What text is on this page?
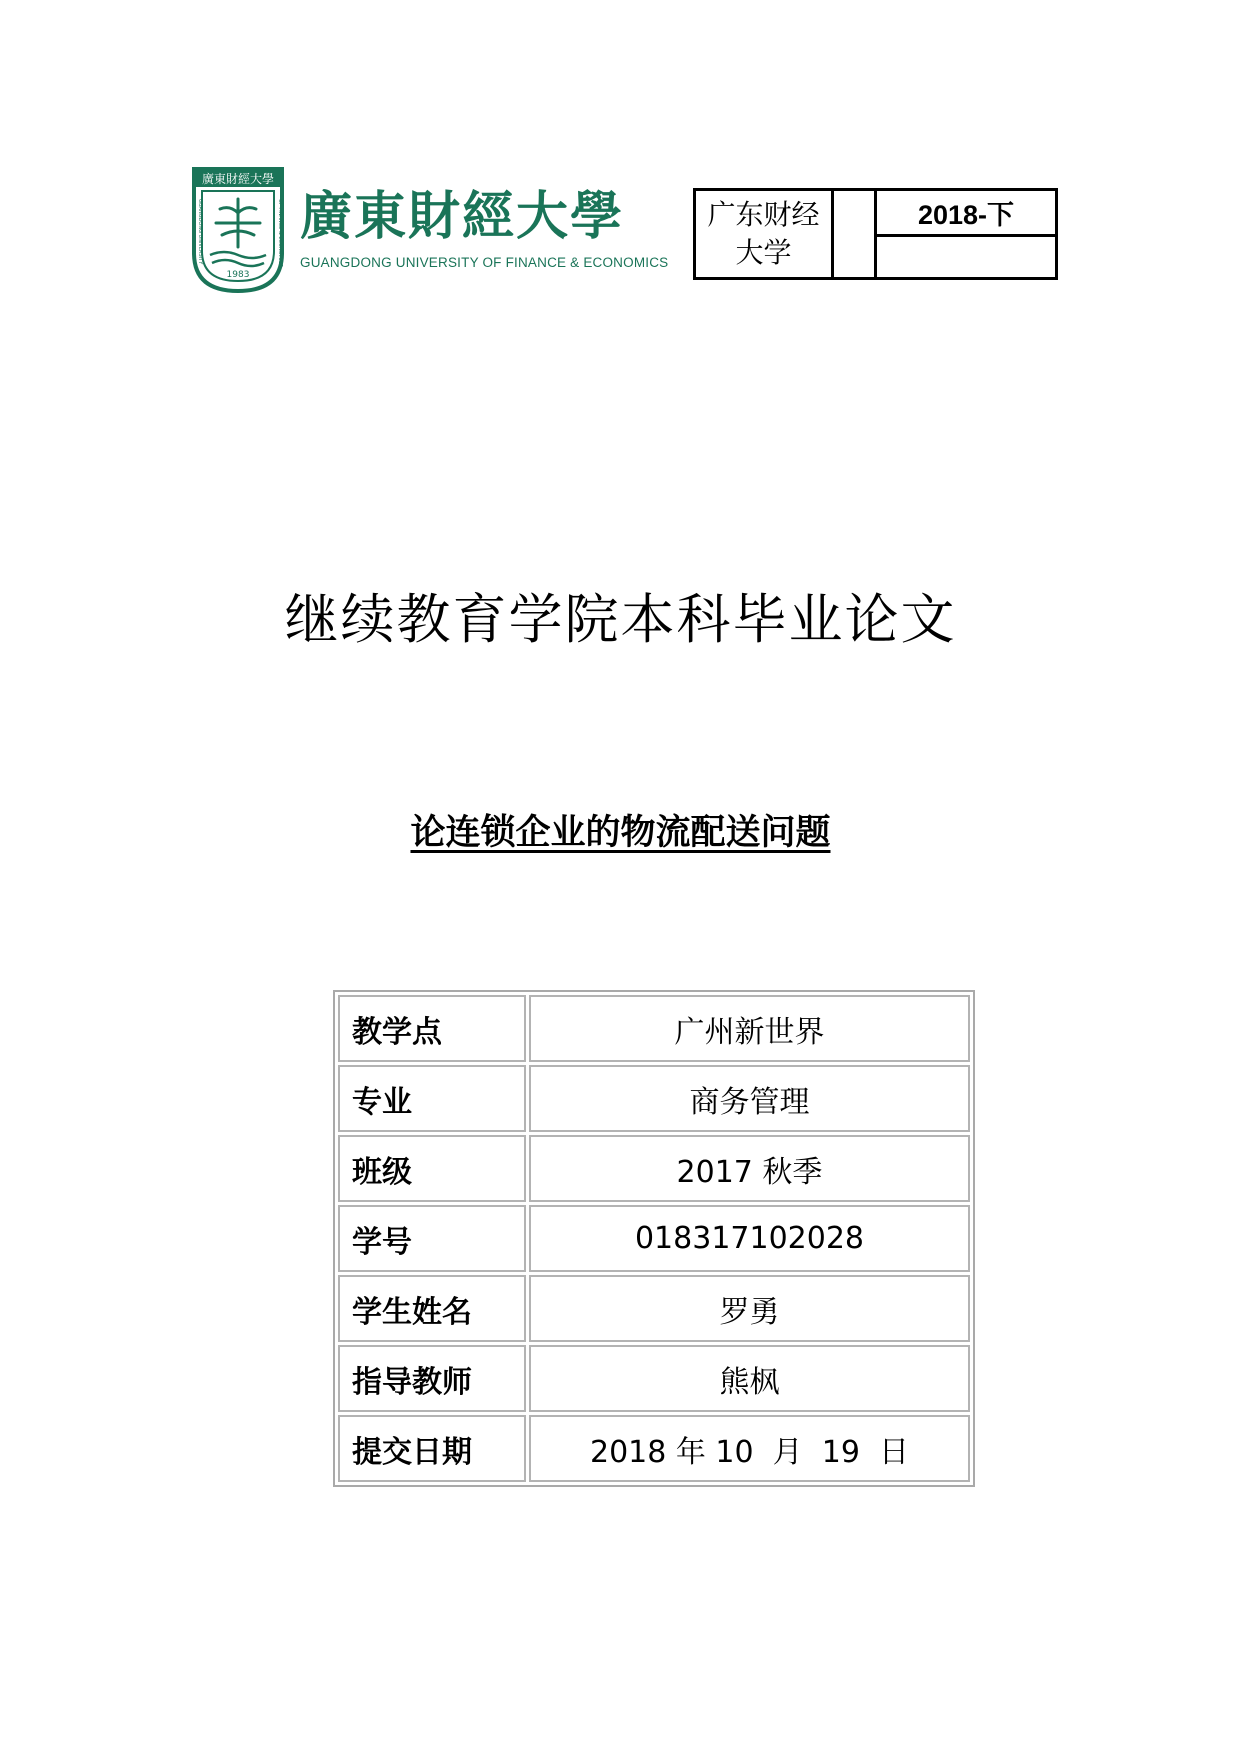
廣東財經大學
GUANGDONG UNIVERSITY	OF FINANCE & ECONOMICS
1983
廣東財經大學
GUANGDONG UNIVERSITY OF FINANCE & ECONOMICS
广东财经大学		2018-下

继续教育学院本科毕业论文
论连锁企业的物流配送问题
教学点	广州新世界
专业	商务管理
班级	2017 秋季
学号	018317102028
学生姓名	罗勇
指导教师	熊枫
提交日期	2018 年 10  月  19  日
